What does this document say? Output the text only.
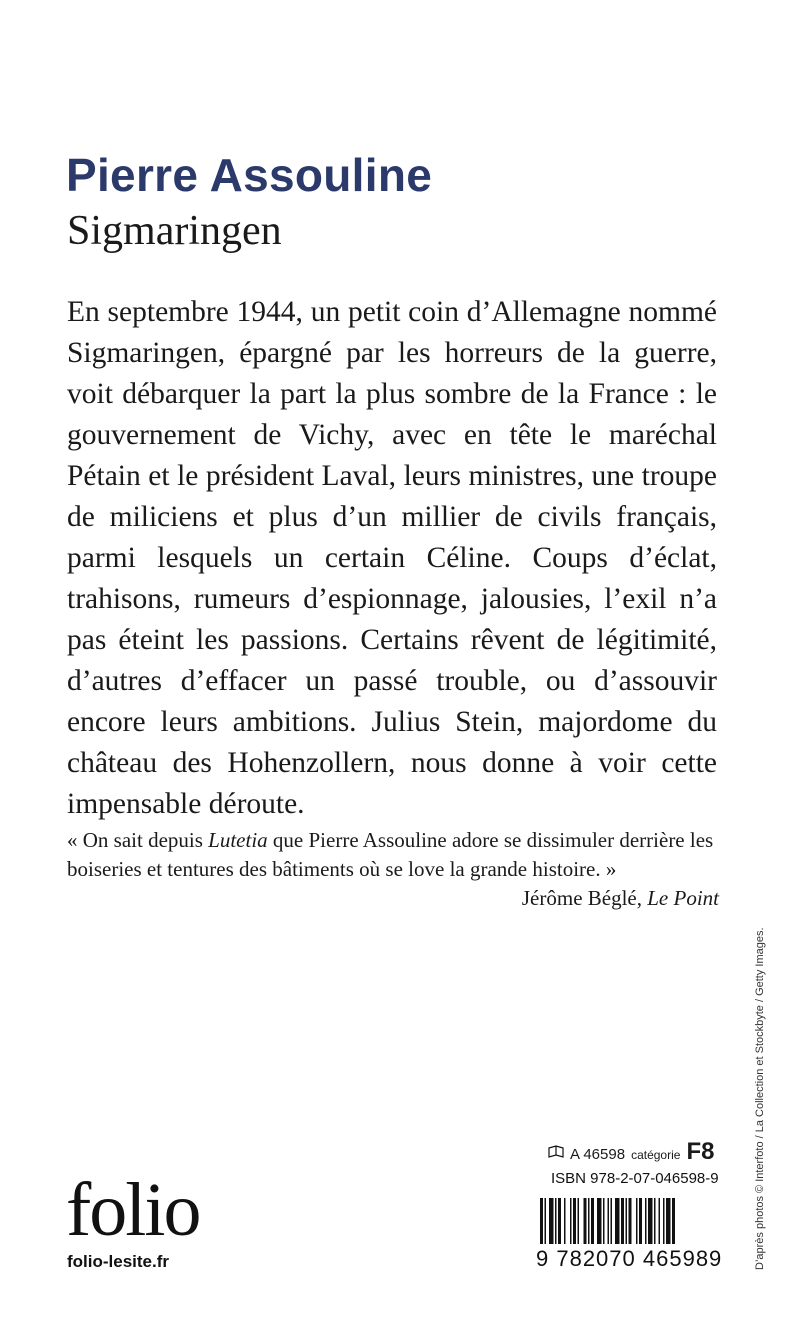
Pierre Assouline
Sigmaringen

En septembre 1944, un petit coin d’Allemagne nommé Sigmaringen, épargné par les horreurs de la guerre, voit débarquer la part la plus sombre de la France : le gouvernement de Vichy, avec en tête le maréchal Pétain et le président Laval, leurs ministres, une troupe de miliciens et plus d’un millier de civils français, parmi lesquels un certain Céline. Coups d’éclat, trahisons, rumeurs d’espionnage, jalousies, l’exil n’a pas éteint les passions. Certains rêvent de légitimité, d’autres d’effacer un passé trouble, ou d’assouvir encore leurs ambitions. Julius Stein, majordome du château des Hohenzollern, nous donne à voir cette impensable déroute.

« On sait depuis Lutetia que Pierre Assouline adore se dissimuler derrière les boiseries et tentures des bâtiments où se love la grande histoire. »
Jérôme Béglé, Le Point

D’après photos © Interfoto / La Collection et Stockbyte / Getty Images.
folio
folio-lesite.fr
A 46598 catégorie F8
ISBN 978-2-07-046598-9
9 782070 465989
